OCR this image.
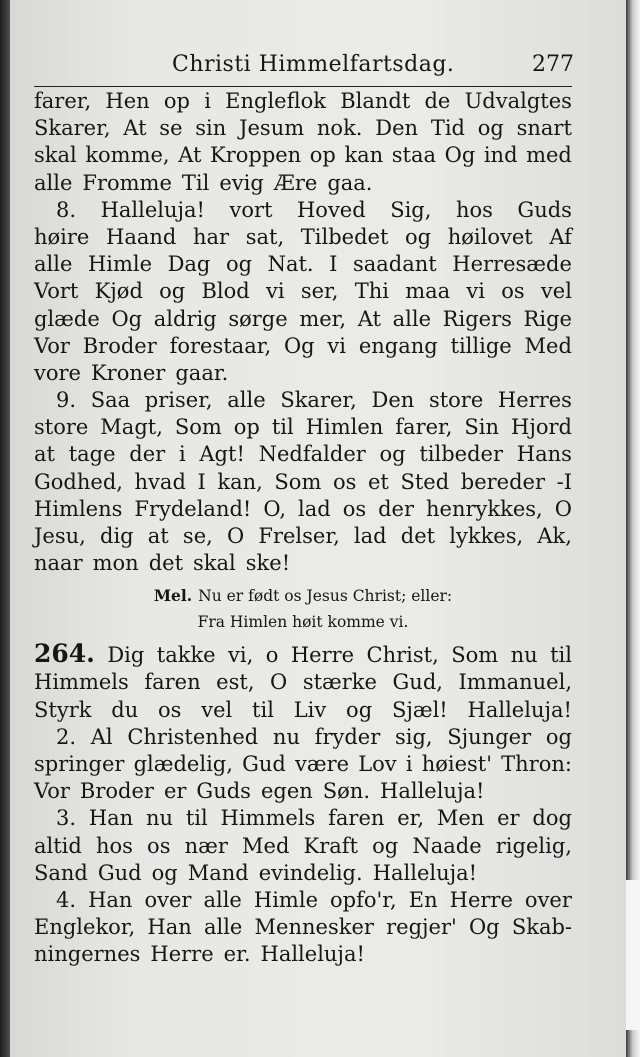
Christi Himmelfartsdag.	277
farer, Hen op i Engleflok Blandt de Udvalgtes
Skarer, At se sin Jesum nok. Den Tid og snart
skal komme, At Kroppen op kan staa Og ind med
alle Fromme Til evig Ære gaa.
8. Halleluja! vort Hoved Sig, hos Guds
høire Haand har sat, Tilbedet og høilovet Af
alle Himle Dag og Nat. I saadant Herresæde
Vort Kjød og Blod vi ser, Thi maa vi os vel
glæde Og aldrig sørge mer, At alle Rigers Rige
Vor Broder forestaar, Og vi engang tillige Med
vore Kroner gaar.
9. Saa priser, alle Skarer, Den store Herres
store Magt, Som op til Himlen farer, Sin Hjord
at tage der i Agt! Nedfalder og tilbeder Hans
Godhed, hvad I kan, Som os et Sted bereder -I
Himlens Frydeland! O, lad os der henrykkes, O
Jesu, dig at se, O Frelser, lad det lykkes, Ak,
naar mon det skal ske!
Mel. Nu er født os Jesus Christ; eller:
Fra Himlen høit komme vi.
264. Dig takke vi, o Herre Christ, Som nu til
Himmels faren est, O stærke Gud, Immanuel,
Styrk du os vel til Liv og Sjæl! Halleluja!
2. Al Christenhed nu fryder sig, Sjunger og
springer glædelig, Gud være Lov i høiest' Thron:
Vor Broder er Guds egen Søn. Halleluja!
3. Han nu til Himmels faren er, Men er dog
altid hos os nær Med Kraft og Naade rigelig,
Sand Gud og Mand evindelig. Halleluja!
4. Han over alle Himle opfo'r, En Herre over
Englekor, Han alle Mennesker regjer' Og Skab-
ningernes Herre er. Halleluja!
